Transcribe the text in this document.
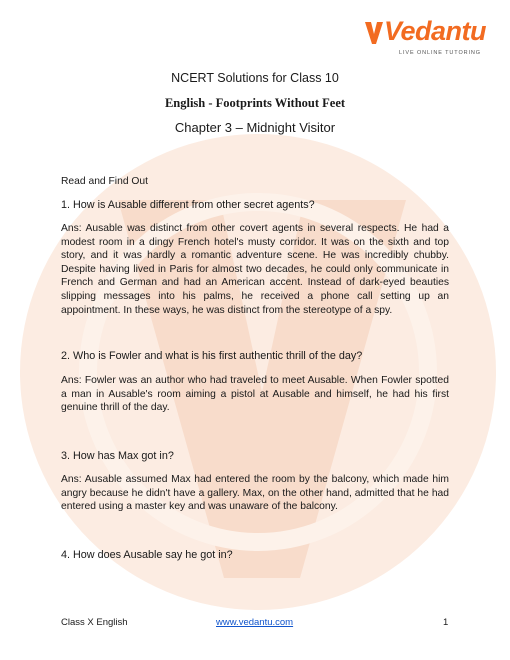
Vedantu
LIVE ONLINE TUTORING

NCERT Solutions for Class 10

English - Footprints Without Feet

Chapter 3 – Midnight Visitor

Read and Find Out

1. How is Ausable different from other secret agents?

Ans: Ausable was distinct from other covert agents in several respects. He had a modest room in a dingy French hotel's musty corridor. It was on the sixth and top story, and it was hardly a romantic adventure scene. He was incredibly chubby. Despite having lived in Paris for almost two decades, he could only communicate in French and German and had an American accent. Instead of dark-eyed beauties slipping messages into his palms, he received a phone call setting up an appointment. In these ways, he was distinct from the stereotype of a spy.

2. Who is Fowler and what is his first authentic thrill of the day?

Ans: Fowler was an author who had traveled to meet Ausable. When Fowler spotted a man in Ausable's room aiming a pistol at Ausable and himself, he had his first genuine thrill of the day.

3. How has Max got in?

Ans: Ausable assumed Max had entered the room by the balcony, which made him angry because he didn't have a gallery. Max, on the other hand, admitted that he had entered using a master key and was unaware of the balcony.

4. How does Ausable say he got in?

Class X English	www.vedantu.com	1
